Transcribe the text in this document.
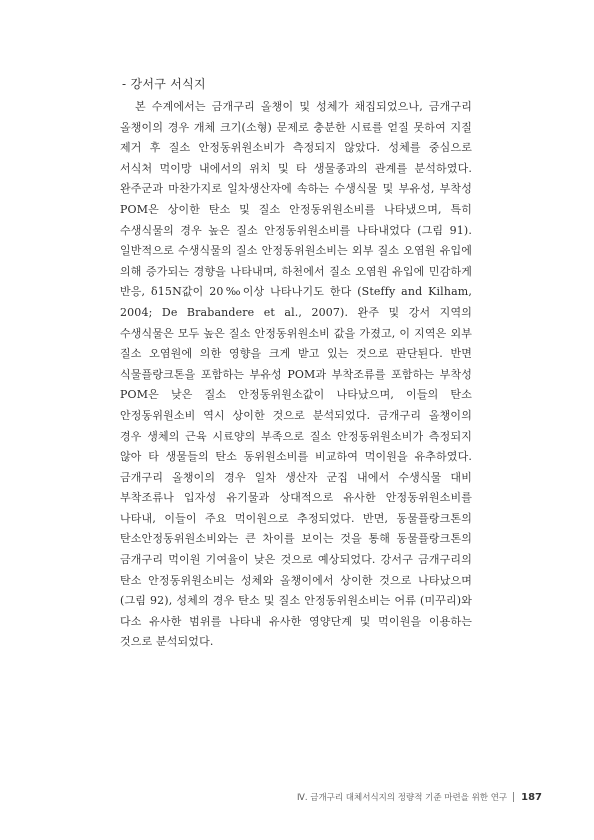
- 강서구 서식지

본 수계에서는 금개구리 올챙이 및 성체가 채집되었으나, 금개구리 올챙이의 경우 개체 크기(소형) 문제로 충분한 시료를 얻질 못하여 지질 제거 후 질소 안정동위원소비가 측정되지 않았다. 성체를 중심으로 서식처 먹이망 내에서의 위치 및 타 생물종과의 관계를 분석하였다. 완주군과 마찬가지로 일차생산자에 속하는 수생식물 및 부유성, 부착성 POM은 상이한 탄소 및 질소 안정동위원소비를 나타냈으며, 특히 수생식물의 경우 높은 질소 안정동위원소비를 나타내었다 (그림 91). 일반적으로 수생식물의 질소 안정동위원소비는 외부 질소 오염원 유입에 의해 증가되는 경향을 나타내며, 하천에서 질소 오염원 유입에 민감하게 반응, δ15N값이 20‰이상 나타나기도 한다 (Steffy and Kilham, 2004; De Brabandere et al., 2007). 완주 및 강서 지역의 수생식물은 모두 높은 질소 안정동위원소비 값을 가졌고, 이 지역은 외부 질소 오염원에 의한 영향을 크게 받고 있는 것으로 판단된다. 반면 식물플랑크톤을 포함하는 부유성 POM과 부착조류를 포함하는 부착성 POM은 낮은 질소 안정동위원소값이 나타났으며, 이들의 탄소 안정동위원소비 역시 상이한 것으로 분석되었다. 금개구리 올챙이의 경우 생체의 근육 시료양의 부족으로 질소 안정동위원소비가 측정되지 않아 타 생물들의 탄소 동위원소비를 비교하여 먹이원을 유추하였다. 금개구리 올챙이의 경우 일차 생산자 군집 내에서 수생식물 대비 부착조류나 입자성 유기물과 상대적으로 유사한 안정동위원소비를 나타내, 이들이 주요 먹이원으로 추정되었다. 반면, 동물플랑크톤의 탄소안정동위원소비와는 큰 차이를 보이는 것을 통해 동물플랑크톤의 금개구리 먹이원 기여율이 낮은 것으로 예상되었다. 강서구 금개구리의 탄소 안정동위원소비는 성체와 올챙이에서 상이한 것으로 나타났으며 (그림 92), 성체의 경우 탄소 및 질소 안정동위원소비는 어류 (미꾸리)와 다소 유사한 범위를 나타내 유사한 영양단계 및 먹이원을 이용하는 것으로 분석되었다.

Ⅳ. 금개구리 대체서식지의 정량적 기준 마련을 위한 연구 187
